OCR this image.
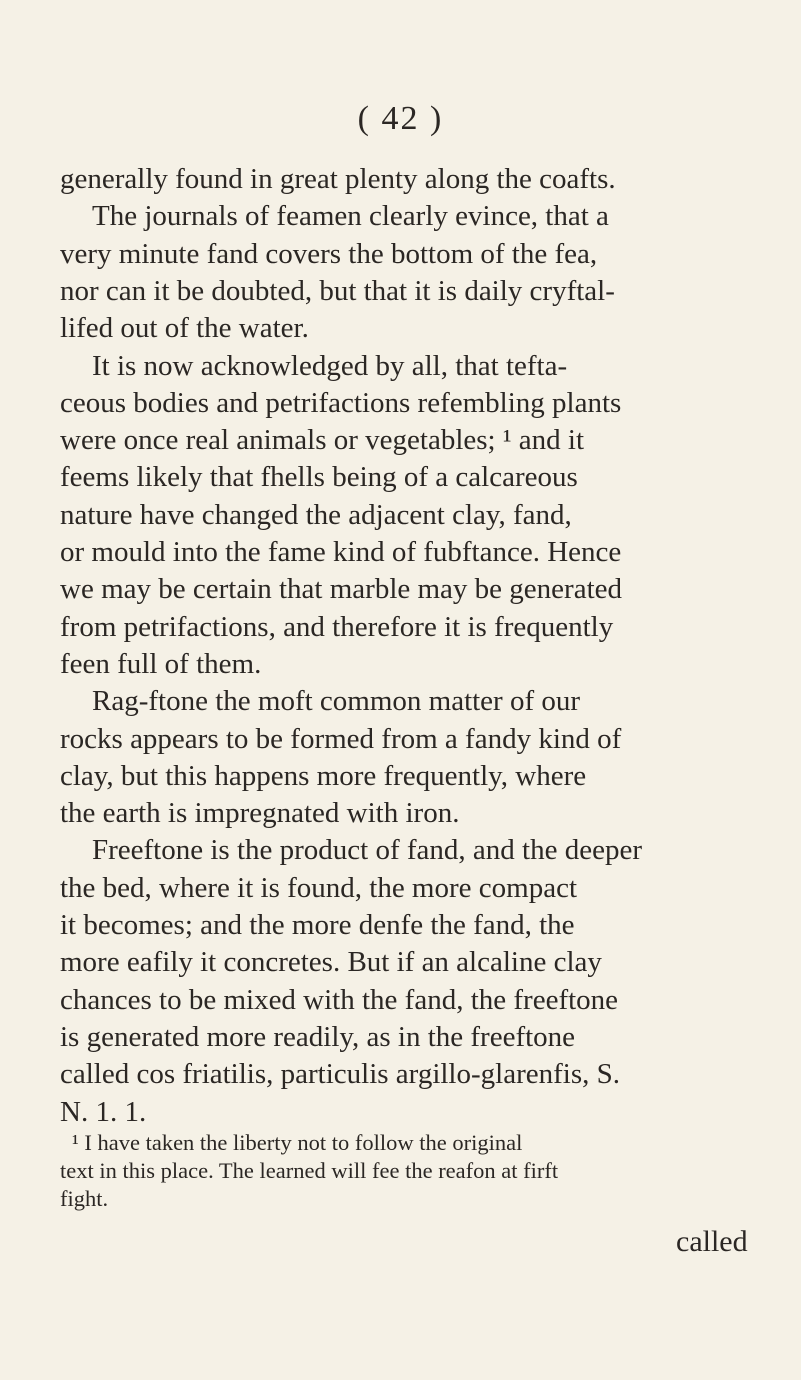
( 42 )
generally found in great plenty along the coafts.
The journals of feamen clearly evince, that a
very minute fand covers the bottom of the fea,
nor can it be doubted, but that it is daily cryftal-
lifed out of the water.
It is now acknowledged by all, that tefta-
ceous bodies and petrifactions refembling plants
were once real animals or vegetables; ¹ and it
feems likely that fhells being of a calcareous
nature have changed the adjacent clay, fand,
or mould into the fame kind of fubftance. Hence
we may be certain that marble may be generated
from petrifactions, and therefore it is frequently
feen full of them.
Rag-ftone the moft common matter of our
rocks appears to be formed from a fandy kind of
clay, but this happens more frequently, where
the earth is impregnated with iron.
Freeftone is the product of fand, and the deeper
the bed, where it is found, the more compact
it becomes; and the more denfe the fand, the
more eafily it concretes. But if an alcaline clay
chances to be mixed with the fand, the freeftone
is generated more readily, as in the freeftone
called cos friatilis, particulis argillo-glarenfis, S.
N. 1. 1.
¹ I have taken the liberty not to follow the original
text in this place. The learned will fee the reafon at firft
fight.
called
